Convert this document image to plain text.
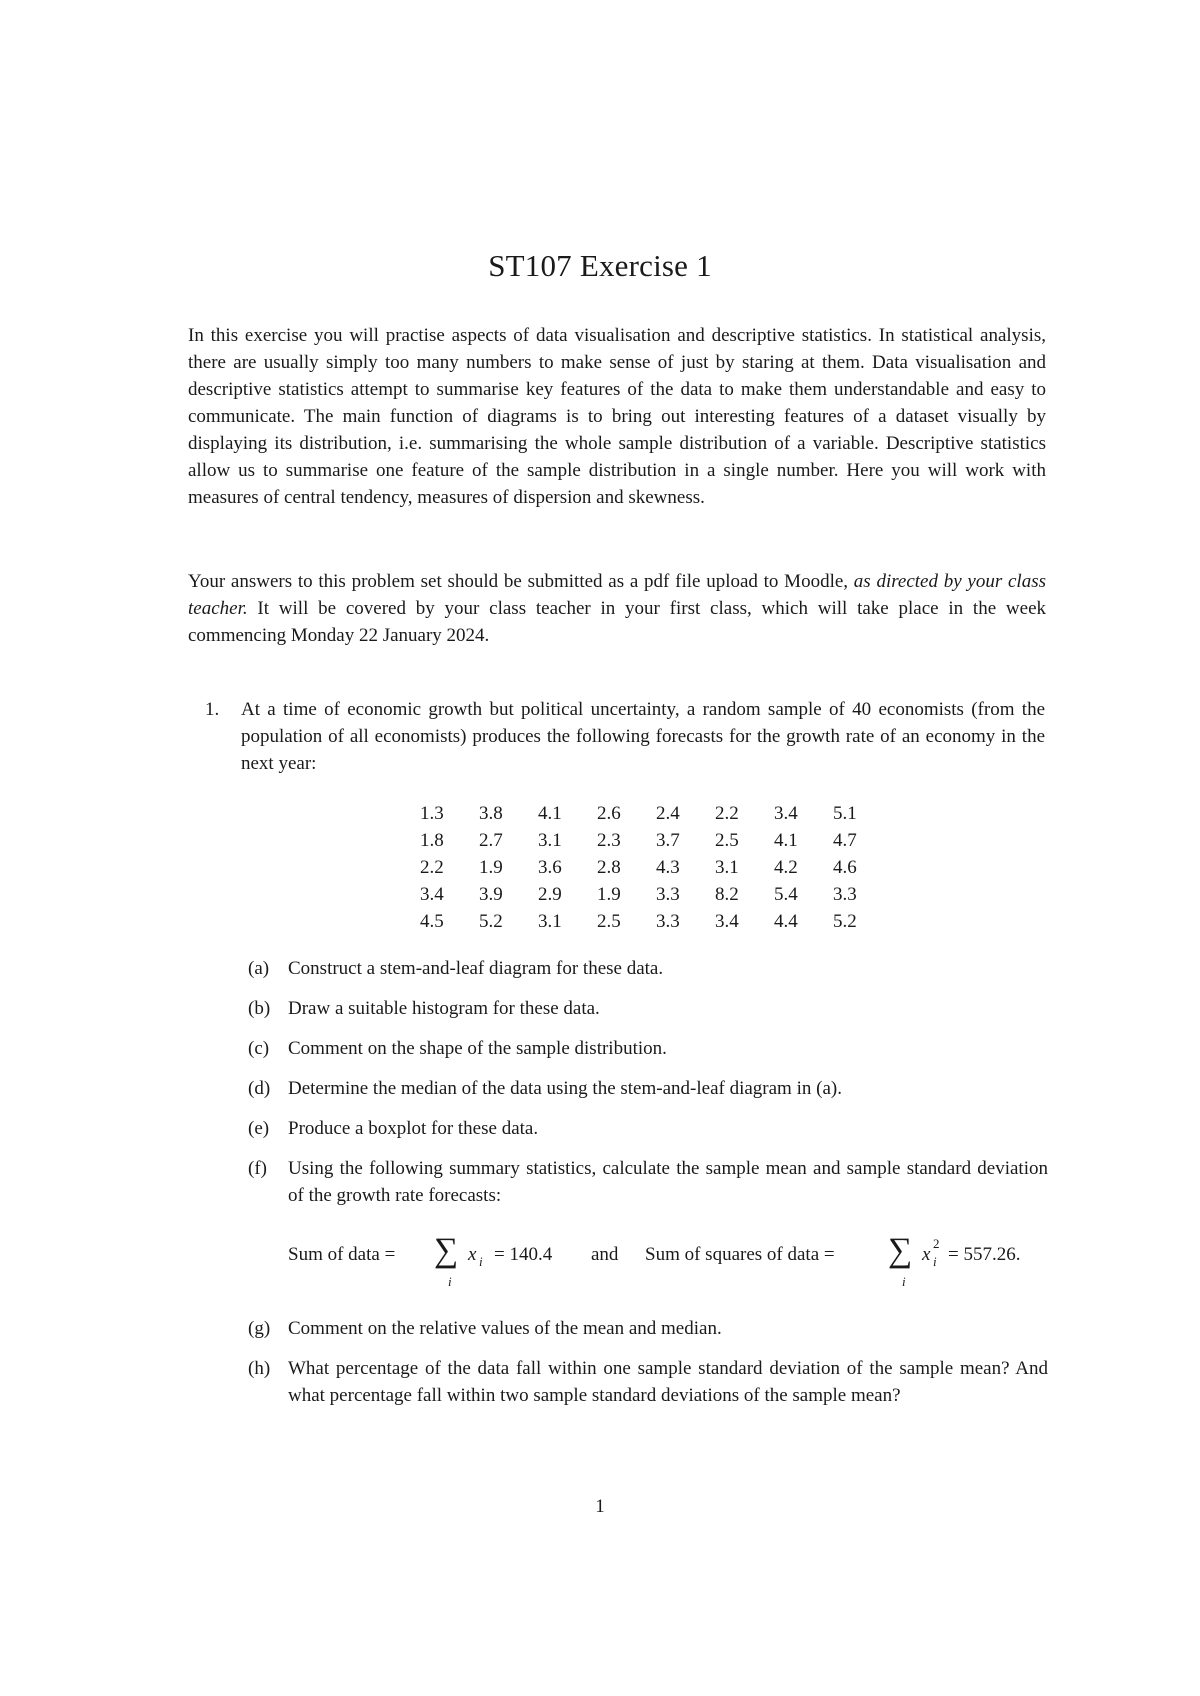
ST107 Exercise 1
In this exercise you will practise aspects of data visualisation and descriptive statistics. In statistical analysis, there are usually simply too many numbers to make sense of just by staring at them. Data visualisation and descriptive statistics attempt to summarise key features of the data to make them understandable and easy to communicate. The main function of diagrams is to bring out interesting features of a dataset visually by displaying its distribution, i.e. summarising the whole sample distribution of a variable. Descriptive statistics allow us to summarise one feature of the sample distribution in a single number. Here you will work with measures of central tendency, measures of dispersion and skewness.
Your answers to this problem set should be submitted as a pdf file upload to Moodle, as directed by your class teacher. It will be covered by your class teacher in your first class, which will take place in the week commencing Monday 22 January 2024.
1. At a time of economic growth but political uncertainty, a random sample of 40 economists (from the population of all economists) produces the following forecasts for the growth rate of an economy in the next year:
1.3	3.8	4.1	2.6	2.4	2.2	3.4	5.1
1.8	2.7	3.1	2.3	3.7	2.5	4.1	4.7
2.2	1.9	3.6	2.8	4.3	3.1	4.2	4.6
3.4	3.9	2.9	1.9	3.3	8.2	5.4	3.3
4.5	5.2	3.1	2.5	3.3	3.4	4.4	5.2
(a) Construct a stem-and-leaf diagram for these data.
(b) Draw a suitable histogram for these data.
(c) Comment on the shape of the sample distribution.
(d) Determine the median of the data using the stem-and-leaf diagram in (a).
(e) Produce a boxplot for these data.
(f) Using the following summary statistics, calculate the sample mean and sample standard deviation of the growth rate forecasts:
Sum of data = ∑
i
x i = 140.4 and Sum of squares of data = ∑
i
x i
2
= 557.26.
(g) Comment on the relative values of the mean and median.
(h) What percentage of the data fall within one sample standard deviation of the sample mean? And what percentage fall within two sample standard deviations of the sample mean?
1
